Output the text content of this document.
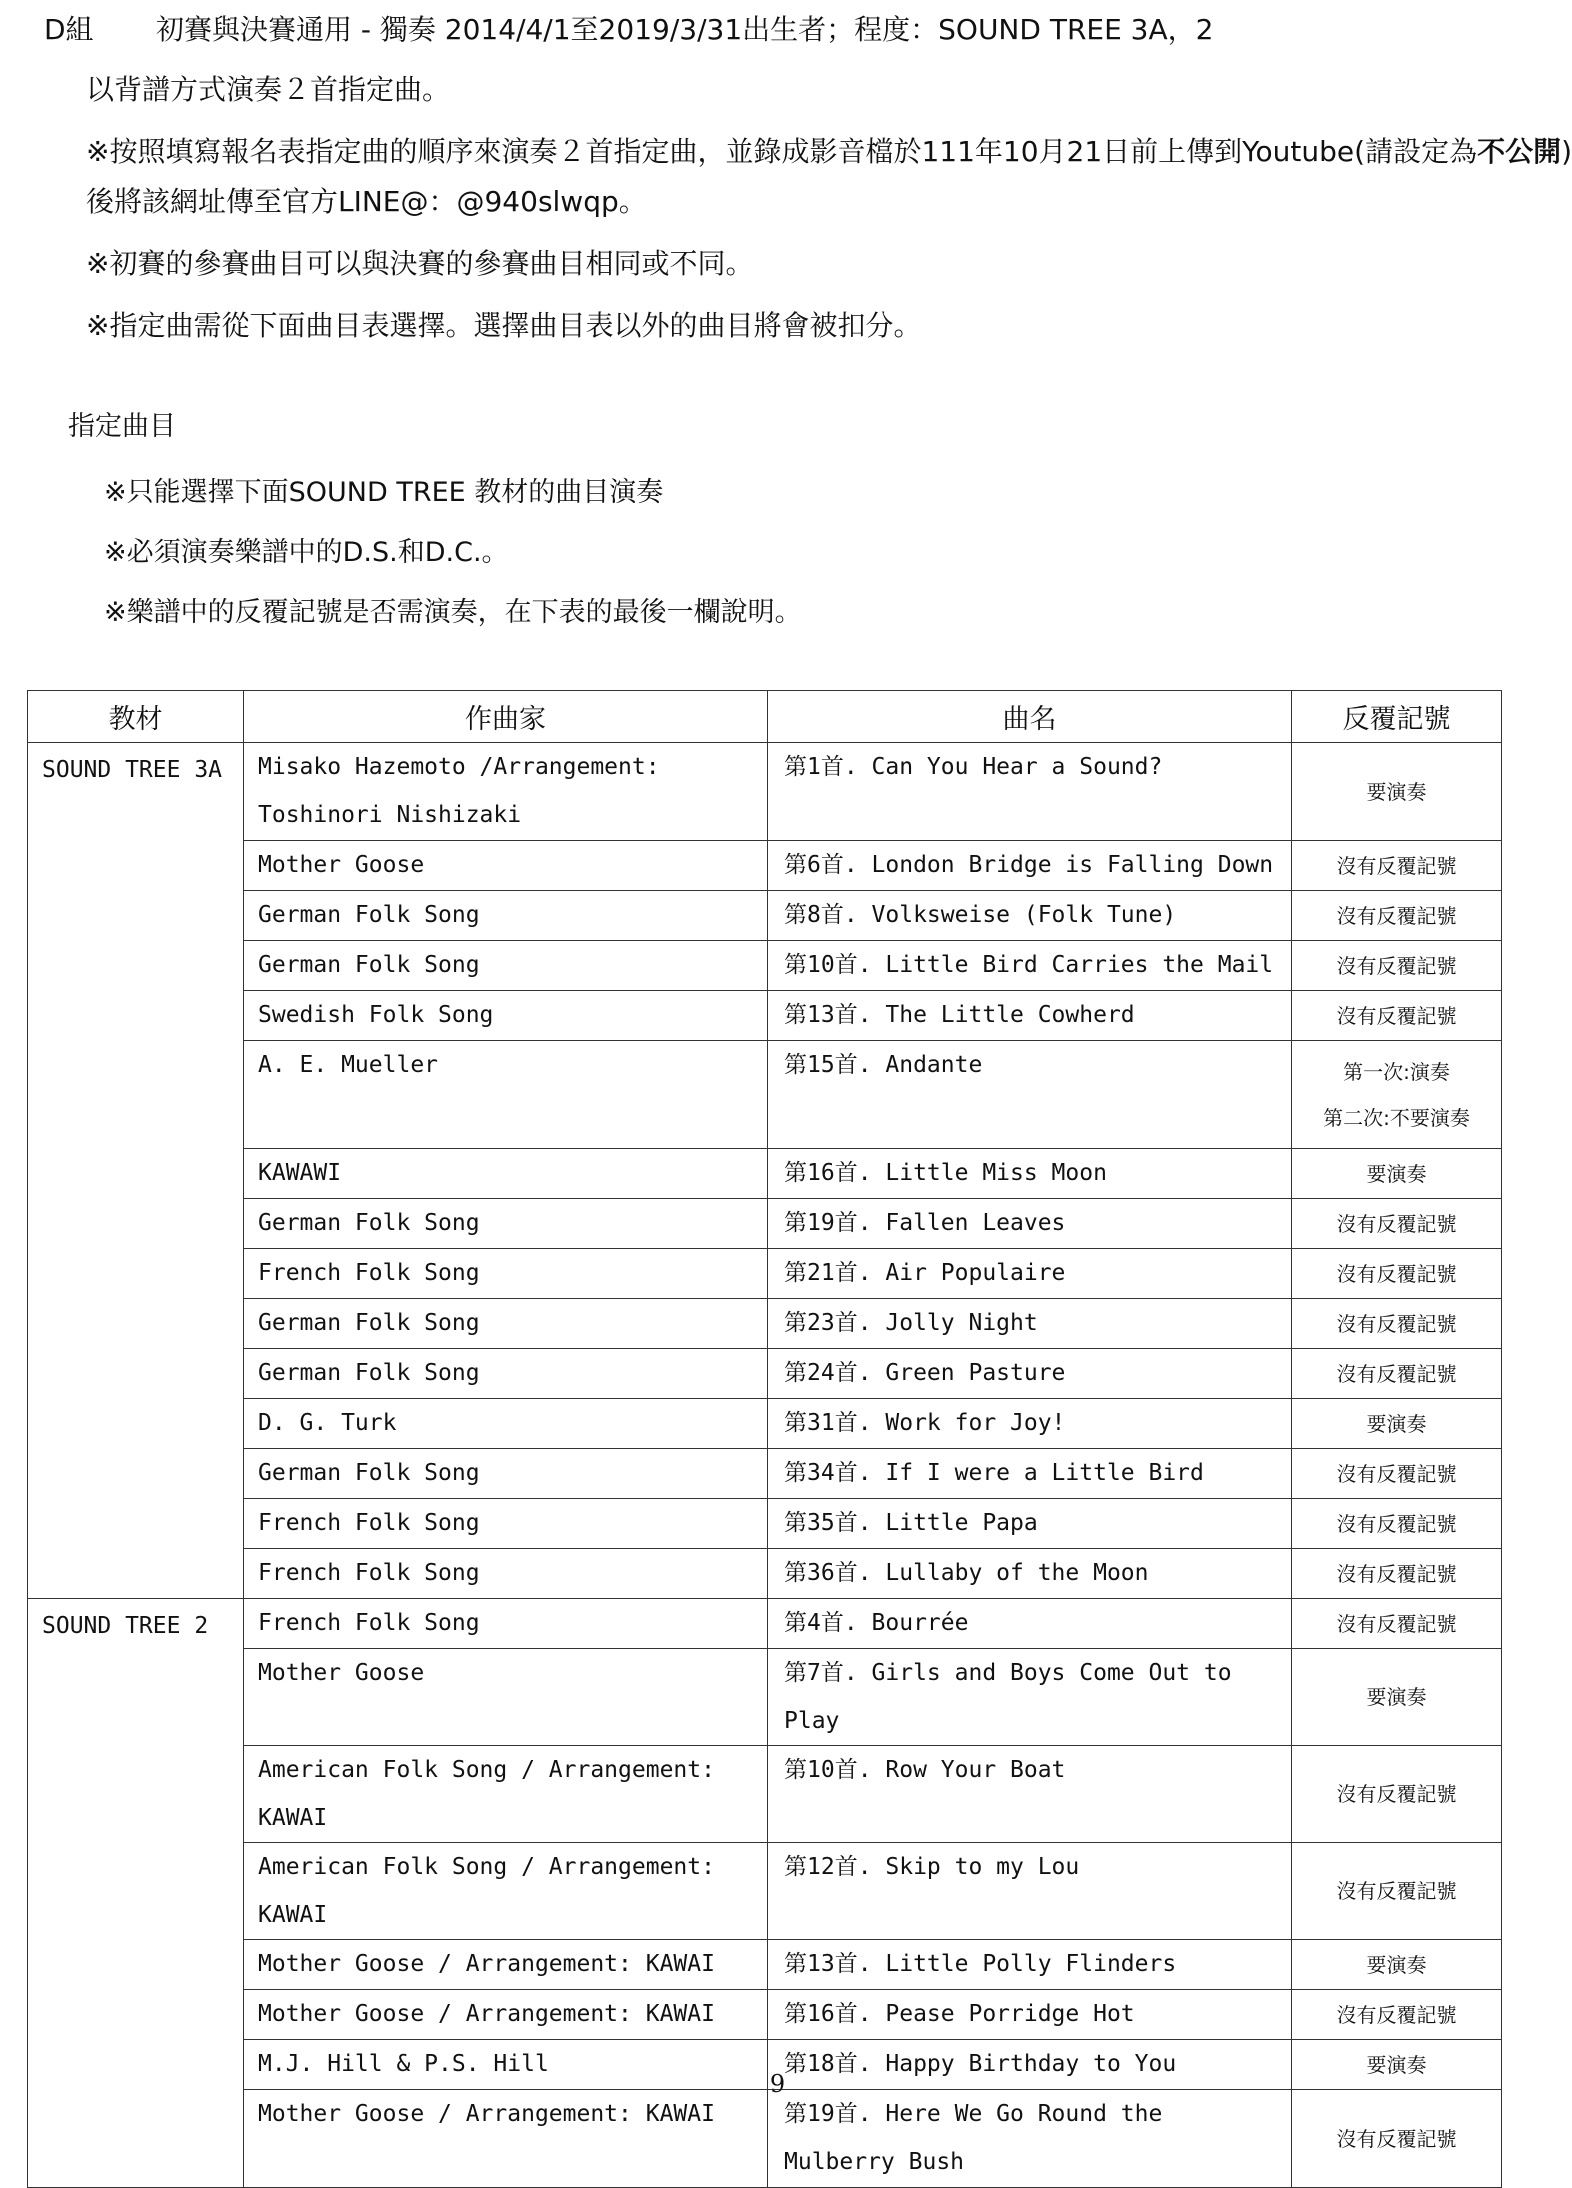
D組 初賽與決賽通用 - 獨奏 2014/4/1至2019/3/31出生者；程度：SOUND TREE 3A，2
以背譜方式演奏２首指定曲。
※按照填寫報名表指定曲的順序來演奏２首指定曲，並錄成影音檔於111年10月21日前上傳到Youtube(請設定為不公開)
後將該網址傳至官方LINE@：@940slwqp。
※初賽的參賽曲目可以與決賽的參賽曲目相同或不同。
※指定曲需從下面曲目表選擇。選擇曲目表以外的曲目將會被扣分。
指定曲目
※只能選擇下面SOUND TREE 教材的曲目演奏
※必須演奏樂譜中的D.S.和D.C.。
※樂譜中的反覆記號是否需演奏，在下表的最後一欄說明。
教材	作曲家	曲名	反覆記號
SOUND TREE 3A	Misako Hazemoto /Arrangement: Toshinori Nishizaki	第1首. Can You Hear a Sound?	要演奏

	Mother Goose	第6首. London Bridge is Falling Down	沒有反覆記號

	German Folk Song	第8首. Volksweise (Folk Tune)	沒有反覆記號

	German Folk Song	第10首. Little Bird Carries the Mail	沒有反覆記號

	Swedish Folk Song	第13首. The Little Cowherd	沒有反覆記號

	A. E. Mueller	第15首. Andante	第一次:演奏
第二次:不要演奏

	KAWAWI	第16首. Little Miss Moon	要演奏

	German Folk Song	第19首. Fallen Leaves	沒有反覆記號

	French Folk Song	第21首. Air Populaire	沒有反覆記號

	German Folk Song	第23首. Jolly Night	沒有反覆記號

	German Folk Song	第24首. Green Pasture	沒有反覆記號

	D. G. Turk	第31首. Work for Joy!	要演奏

	German Folk Song	第34首. If I were a Little Bird	沒有反覆記號

	French Folk Song	第35首. Little Papa	沒有反覆記號

	French Folk Song	第36首. Lullaby of the Moon	沒有反覆記號

SOUND TREE 2	French Folk Song	第4首. Bourrée	沒有反覆記號

	Mother Goose	第7首. Girls and Boys Come Out to Play	要演奏

	American Folk Song / Arrangement: KAWAI	第10首. Row Your Boat	沒有反覆記號

	American Folk Song / Arrangement: KAWAI	第12首. Skip to my Lou	沒有反覆記號

	Mother Goose / Arrangement: KAWAI	第13首. Little Polly Flinders	要演奏

	Mother Goose / Arrangement: KAWAI	第16首. Pease Porridge Hot	沒有反覆記號

	M.J. Hill & P.S. Hill	第18首. Happy Birthday to You	要演奏

	Mother Goose / Arrangement: KAWAI	第19首. Here We Go Round the Mulberry Bush	沒有反覆記號
9
